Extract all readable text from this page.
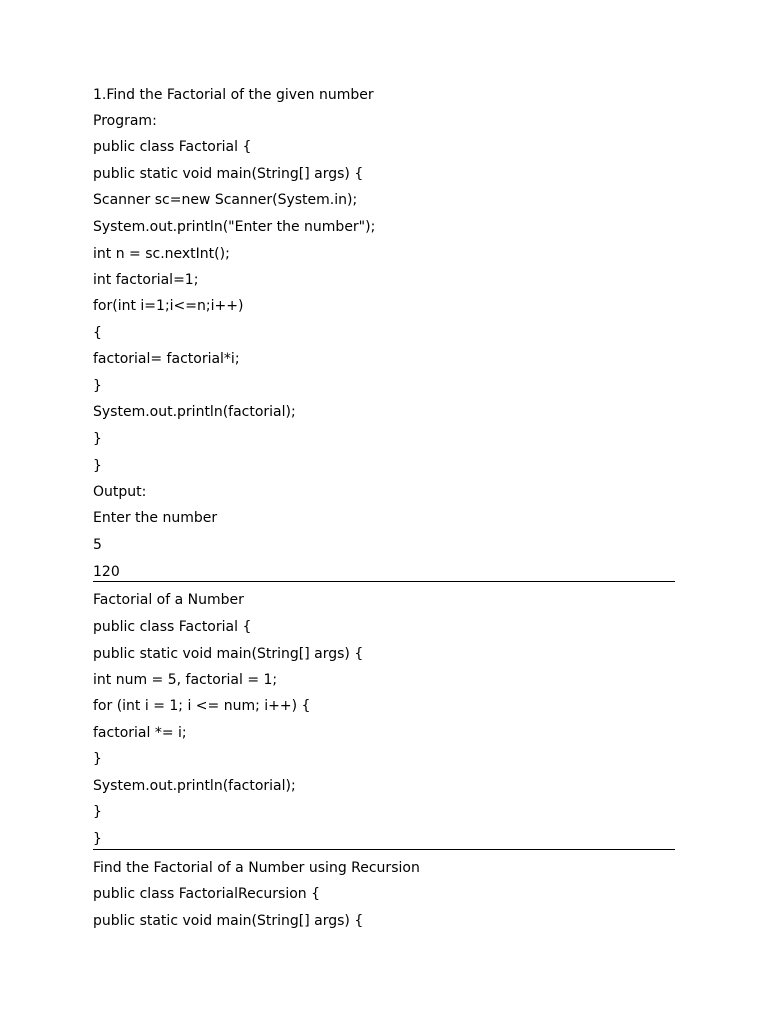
1.Find the Factorial of the given number

Program:

public class Factorial {

public static void main(String[] args) {

Scanner sc=new Scanner(System.in);

System.out.println("Enter the number");

int n = sc.nextInt();

int factorial=1;

for(int i=1;i<=n;i++)

{

factorial= factorial*i;

}

System.out.println(factorial);

}

}

Output:

Enter the number

5

120

Factorial of a Number

public class Factorial {

public static void main(String[] args) {

int num = 5, factorial = 1;

for (int i = 1; i <= num; i++) {

factorial *= i;

}

System.out.println(factorial);

}

}

Find the Factorial of a Number using Recursion

public class FactorialRecursion {

public static void main(String[] args) {
